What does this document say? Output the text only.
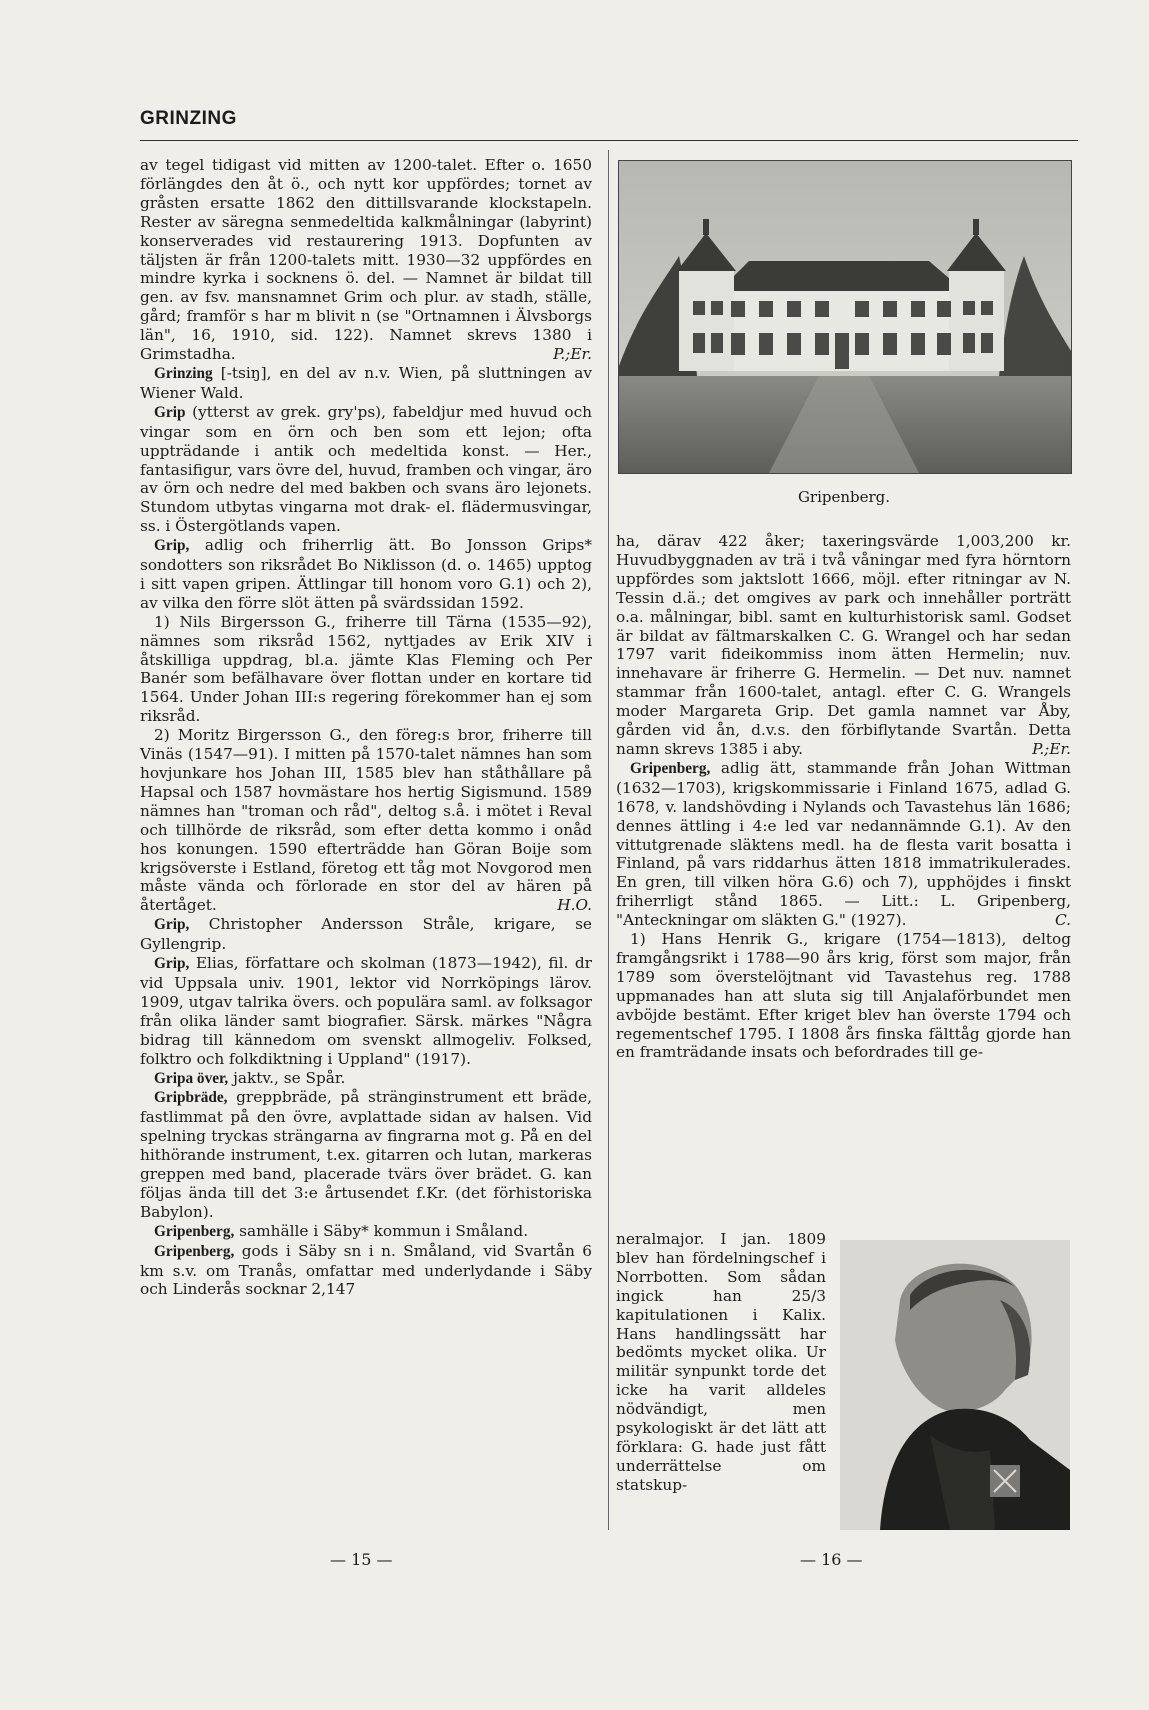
GRINZING

av tegel tidigast vid mitten av 1200-talet. Efter o. 1650 förlängdes den åt ö., och nytt kor uppfördes; tornet av gråsten ersatte 1862 den dittillsvarande klockstapeln. Rester av säregna senmedeltida kalkmålningar (labyrint) konserverades vid restaurering 1913. Dopfunten av täljsten är från 1200-talets mitt. 1930—32 uppfördes en mindre kyrka i socknens ö. del. — Namnet är bildat till gen. av fsv. mansnamnet Grim och plur. av stadh, ställe, gård; framför s har m blivit n (se "Ortnamnen i Älvsborgs län", 16, 1910, sid. 122). Namnet skrevs 1380 i Grimstadha.	P.;Er.

Grinzing [-tsiŋ], en del av n.v. Wien, på sluttningen av Wiener Wald.

Grip (ytterst av grek. gry'ps), fabeldjur med huvud och vingar som en örn och ben som ett lejon; ofta uppträdande i antik och medeltida konst. — Her., fantasifigur, vars övre del, huvud, framben och vingar, äro av örn och nedre del med bakben och svans äro lejonets. Stundom utbytas vingarna mot drak- el. flädermusvingar, ss. i Östergötlands vapen.

Grip, adlig och friherrlig ätt. Bo Jonsson Grips* sondotters son riksrådet Bo Niklisson (d. o. 1465) upptog i sitt vapen gripen. Ättlingar till honom voro G.1) och 2), av vilka den förre slöt ätten på svärdssidan 1592.

1) Nils Birgersson G., friherre till Tärna (1535—92), nämnes som riksråd 1562, nyttjades av Erik XIV i åtskilliga uppdrag, bl.a. jämte Klas Fleming och Per Banér som befälhavare över flottan under en kortare tid 1564. Under Johan III:s regering förekommer han ej som riksråd.

2) Moritz Birgersson G., den föreg:s bror, friherre till Vinäs (1547—91). I mitten på 1570-talet nämnes han som hovjunkare hos Johan III, 1585 blev han ståthållare på Hapsal och 1587 hovmästare hos hertig Sigismund. 1589 nämnes han "troman och råd", deltog s.å. i mötet i Reval och tillhörde de riksråd, som efter detta kommo i onåd hos konungen. 1590 efterträdde han Göran Boije som krigsöverste i Estland, företog ett tåg mot Novgorod men måste vända och förlorade en stor del av hären på återtåget.	H.O.

Grip, Christopher Andersson Stråle, krigare, se Gyllengrip.

Grip, Elias, författare och skolman (1873—1942), fil. dr vid Uppsala univ. 1901, lektor vid Norrköpings lärov. 1909, utgav talrika övers. och populära saml. av folksagor från olika länder samt biografier. Särsk. märkes "Några bidrag till kännedom om svenskt allmogeliv. Folksed, folktro och folkdiktning i Uppland" (1917).

Gripa över, jaktv., se Spår.

Gripbräde, greppbräde, på stränginstrument ett bräde, fastlimmat på den övre, avplattade sidan av halsen. Vid spelning tryckas strängarna av fingrarna mot g. På en del hithörande instrument, t.ex. gitarren och lutan, markeras greppen med band, placerade tvärs över brädet. G. kan följas ända till det 3:e årtusendet f.Kr. (det förhistoriska Babylon).

Gripenberg, samhälle i Säby* kommun i Småland.

Gripenberg, gods i Säby sn i n. Småland, vid Svartån 6 km s.v. om Tranås, omfattar med underlydande i Säby och Linderås socknar 2,147

Gripenberg.

ha, därav 422 åker; taxeringsvärde 1,003,200 kr. Huvudbyggnaden av trä i två våningar med fyra hörntorn uppfördes som jaktslott 1666, möjl. efter ritningar av N. Tessin d.ä.; det omgives av park och innehåller porträtt o.a. målningar, bibl. samt en kulturhistorisk saml. Godset är bildat av fältmarskalken C. G. Wrangel och har sedan 1797 varit fideikommiss inom ätten Hermelin; nuv. innehavare är friherre G. Hermelin. — Det nuv. namnet stammar från 1600-talet, antagl. efter C. G. Wrangels moder Margareta Grip. Det gamla namnet var Åby, gården vid ån, d.v.s. den förbiflytande Svartån. Detta namn skrevs 1385 i aby.	P.;Er.

Gripenberg, adlig ätt, stammande från Johan Wittman (1632—1703), krigskommissarie i Finland 1675, adlad G. 1678, v. landshövding i Nylands och Tavastehus län 1686; dennes ättling i 4:e led var nedannämnde G.1). Av den vittutgrenade släktens medl. ha de flesta varit bosatta i Finland, på vars riddarhus ätten 1818 immatrikulerades. En gren, till vilken höra G.6) och 7), upphöjdes i finskt friherrligt stånd 1865. — Litt.: L. Gripenberg, "Anteckningar om släkten G." (1927).	C.

1) Hans Henrik G., krigare (1754—1813), deltog framgångsrikt i 1788—90 års krig, först som major, från 1789 som överstelöjtnant vid Tavastehus reg. 1788 uppmanades han att sluta sig till Anjalaförbundet men avböjde bestämt. Efter kriget blev han överste 1794 och regementschef 1795. I 1808 års finska fälttåg gjorde han en framträdande insats och befordrades till ge-

neralmajor. I jan. 1809 blev han fördelningschef i Norrbotten. Som sådan ingick han 25/3 kapitulationen i Kalix. Hans handlingssätt har bedömts mycket olika. Ur militär synpunkt torde det icke ha varit alldeles nödvändigt, men psykologiskt är det lätt att förklara: G. hade just fått underrättelse om statskup-
— 15 —	— 16 —
